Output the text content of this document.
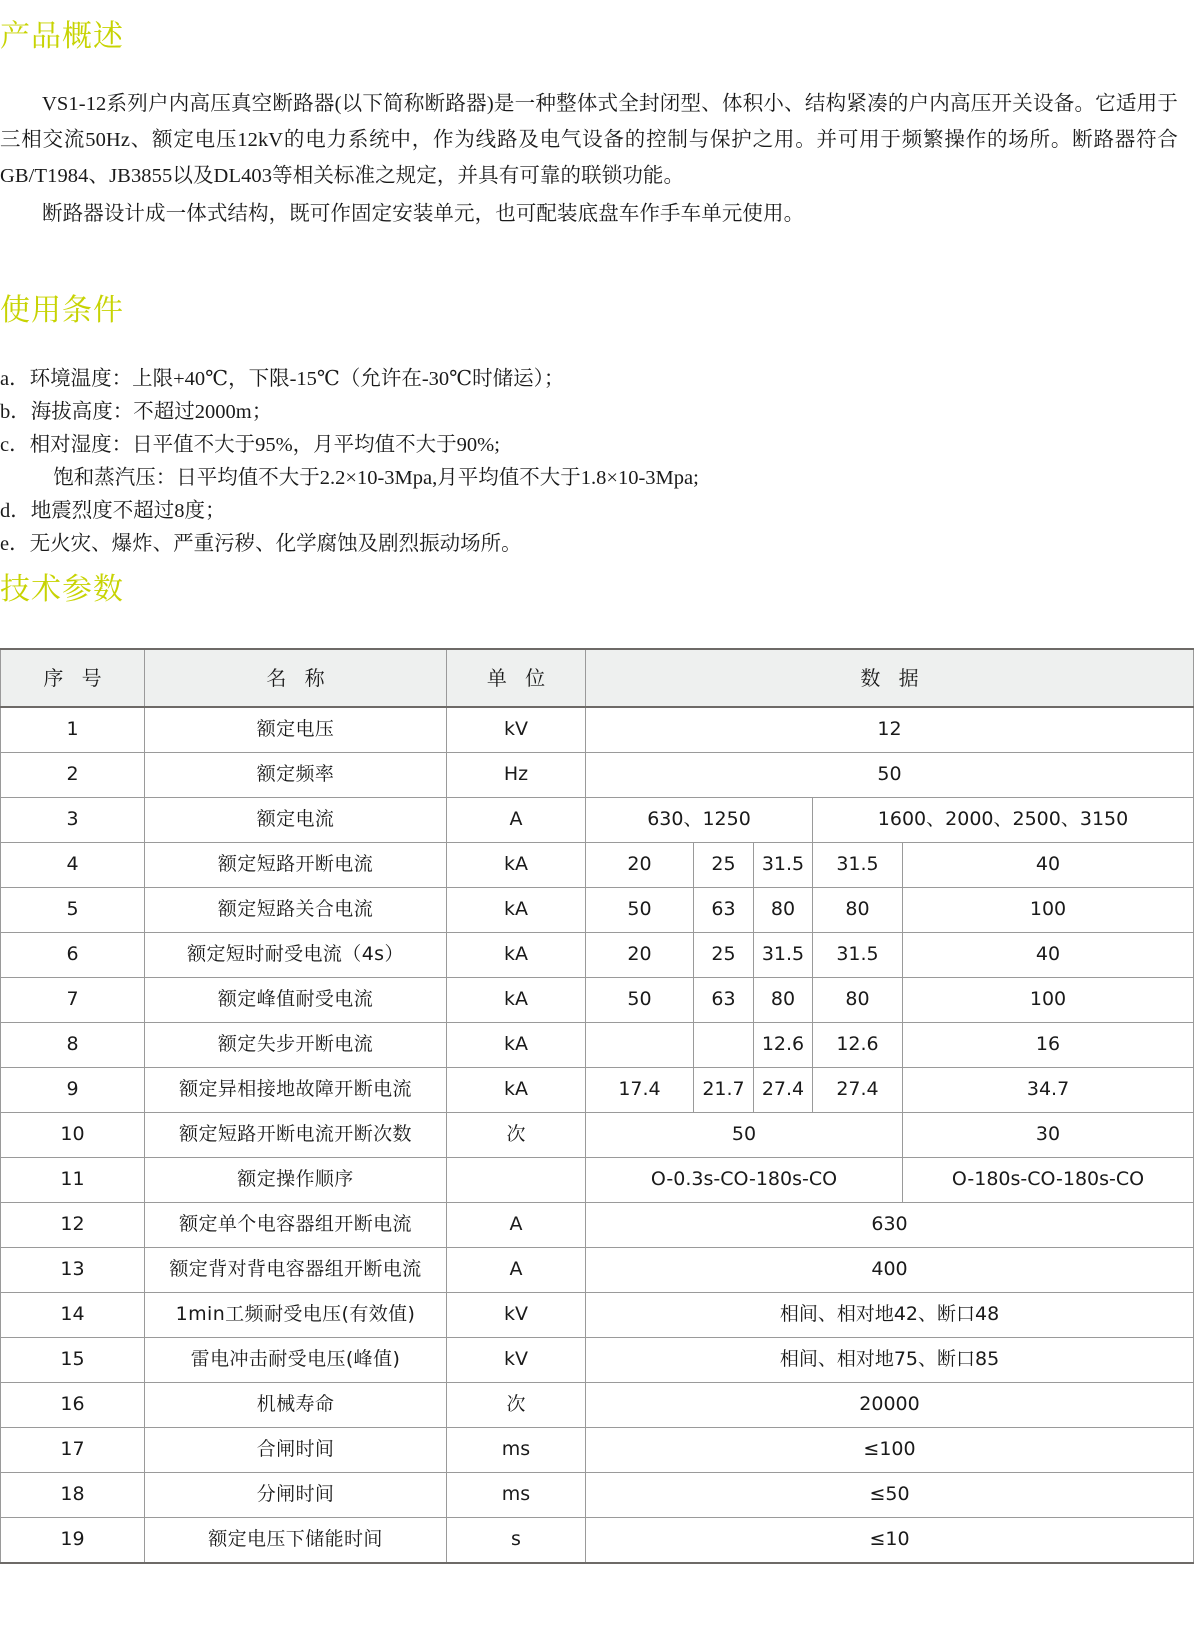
产品概述

VS1-12系列户内高压真空断路器(以下简称断路器)是一种整体式全封闭型、体积小、结构紧凑的户内高压开关设备。它适用于三相交流50Hz、额定电压12kV的电力系统中，作为线路及电气设备的控制与保护之用。并可用于频繁操作的场所。断路器符合GB/T1984、JB3855以及DL403等相关标准之规定，并具有可靠的联锁功能。

断路器设计成一体式结构，既可作固定安装单元，也可配装底盘车作手车单元使用。

使用条件
a．环境温度：上限+40℃，下限-15℃（允许在-30℃时储运）；
b．海拔高度：不超过2000m；
c．相对湿度：日平值不大于95%，月平均值不大于90%;
饱和蒸汽压：日平均值不大于2.2×10-3Mpa,月平均值不大于1.8×10-3Mpa;
d．地震烈度不超过8度；
e．无火灾、爆炸、严重污秽、化学腐蚀及剧烈振动场所。
技术参数
序 号	名 称	单 位	数 据				
1	额定电压	kV	12				
2	额定频率	Hz	50				
3	额定电流	A	630、1250			1600、2000、2500、3150	
4	额定短路开断电流	kA	20	25	31.5	31.5	40
5	额定短路关合电流	kA	50	63	80	80	100
6	额定短时耐受电流（4s）	kA	20	25	31.5	31.5	40
7	额定峰值耐受电流	kA	50	63	80	80	100
8	额定失步开断电流	kA			12.6	12.6	16
9	额定异相接地故障开断电流	kA	17.4	21.7	27.4	27.4	34.7
10	额定短路开断电流开断次数	次	50				30
11	额定操作顺序		O-0.3s-CO-180s-CO				O-180s-CO-180s-CO
12	额定单个电容器组开断电流	A	630				
13	额定背对背电容器组开断电流	A	400				
14	1min工频耐受电压(有效值)	kV	相间、相对地42、断口48				
15	雷电冲击耐受电压(峰值)	kV	相间、相对地75、断口85				
16	机械寿命	次	20000				
17	合闸时间	ms	≤100				
18	分闸时间	ms	≤50				
19	额定电压下储能时间	s	≤10				
